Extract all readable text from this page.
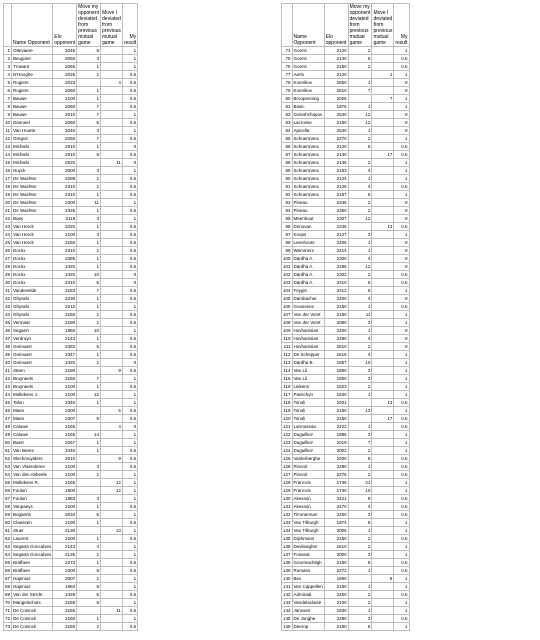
	Name Opponent	Elo opponent	Move my opponent deviated from previous mutual game	Move I deviated from previous mutual game	My result
1	Ottevaere	2045	8		1
2	Beugnier	2050	3		1
3	Trowant	2066	1		1
4	D'Hooghe	2025	2		0,5
5	Rogiers	2023		4	0,5
6	Rogiers	2060	1		0,5
7	Bauwe	2100	1		0,5
8	Bauwe	2060	7		0,5
9	Bauwe	2010	7		1
10	Danneel	2060	6		0,5
11	Van Houtte	2040	3		1
12	Gregoir	2250	7		0,5
13	Michiels	2510	1		0
14	Michiels	2510	8		0,5
15	Michiels	2520		11	0
16	Huyck	2000	3		1
17	De Wachter	2288	2		0,5
18	De Wachter	2310	2		0,5
19	De Wachter	2310	1		0,5
20	De Wachter	2300	11		1
21	De Wachter	2325	1		0,5
22	Boey	2118	3		1
23	Van Herck	2220	1		0,5
24	Van Herck	2100	3		0,5
25	Van Herck	2150	1		0,5
26	Dockx	2310	2		0,5
27	Dockx	2385	1		0,5
28	Dockx	2420	1		0,5
29	Dockx	2420	10		0
30	Dockx	2410	6		0
31	Vandevelde	2153	7		0,5
32	Ghysels	2230	1		0,5
33	Ghysels	2212	1		1
34	Ghysels	2150	2		0,5
35	Vermaat	2180	2		0,5
36	Segaert	1850	10		1
37	Verdruyn	2143	1		0,5
38	Geirnaert	2352	5		0,5
39	Geirnaert	2347	1		0,5
40	Geirnaert	2420	2		0
41	Steen	2180		9	0,5
42	Bruyneels	2150	7		1
43	Bruyneels	2100	1		0,5
44	Mollekens J.	2100	12		1
45	Talon	2340	1		1
46	Maes	2300		5	0,5
47	Maes	2307	9		0,5
48	Caluwe	2166		4	0
49	Caluwe	2165	14		1
50	Baert	2267	1		1
51	Van Beers	2440	1		0,5
52	Slechmuylders	2010		9	0,5
53	Van Vlaenderen	2100	3		0,5
54	Van den Abbeele	2100	2		1
55	Mollekens R.	2165		12	1
56	Foulon	1900		12	1
57	Foulon	1883	3		1
58	Vanpaeys	2200	1		0,5
59	Bogaerts	2034	6		1
60	Claessen	2190	1		0,5
61	Stuer	2130		13	1
62	Laurent	2200	1		0,5
63	Segatra Goncalves	2143	4		1
64	Segatra Goncalves	2135	2		1
65	Braffaen	2273	1		0,5
66	Braffaen	2300	8		0,5
67	Hajenius	2007	2		1
68	Hajenius	1984	8		1
69	Van der Stricht	2428	6		0,5
70	Mangelschots	2158	8		1
71	De Coninck	2156		11	0,5
72	De Coninck	2160	1		1
73	De Coninck	2150	2		0,5
	Name Opponent	Elo opponent	Move my opponent deviated from previous mutual game	Move I deviated from previous mutual game	My result
74	Goeris	2120	2		1
75	Goeris	2130	5		0,5
76	Goeris	2160	2		0,5
77	Aerts	2120		1	1
78	Konnikov	2550	1		0
79	Konnikov	2510	7		0
80	Broopenning	2025		7	1
81	Basic	1975	1		1
82	Goloshchapov	2540	12		0
83	Lacrosse	2180	12		0
84	Apicella	2540	1		0
85	Schuermans	2270	2		1
86	Schuermans	2120	5		0,5
87	Schuermans	2140		17	0,5
88	Schuermans	2145	2		1
89	Schuermans	2183	4		1
90	Schuermans	2124	1		1
91	Schuermans	2126	4		0,5
92	Schuermans	2187	5		1
93	Pineau	2345	2		0
94	Pineau	2350	2		0
95	Meenhout	2307	12		0
96	Donovan	2245		13	0,5
97	Knops	2127	3		1
98	Leenhouts	2405	1		0
99	Wemmers	2414	1		0
100	Dardha A.	2300	4		0
101	Dardha A.	2295	12		0
102	Dardha A.	2302	2		0,5
103	Dardha A.	2310	5		0,5
104	Feygin	2312	6		1
105	Dambacher	2400	4		0
106	Goossens	2150	1		0,5
107	Van der Vurst	2180	11		1
108	Van der Vurst	2080	3		1
109	Hovhanisian	2400	1		0
110	Hovhanisian	2490	4		0
111	Hovhanisian	2510	2		0
112	De Schepper	1616	4		1
113	Dardha B.	1857	10		1
114	Van Lil	1890	3		1
115	Van Lil	1900	3		1
116	Liekens	1523	2		1
117	Passchyn	1530	1		1
118	Tonoli	2201		13	0,5
119	Tonoli	2180	13		1
120	Tonoli	2150		17	0,5
121	Larmuseau	2222	1		0,5
122	Duguilliez	1985	3		1
123	Duguilliez	2019	7		1
124	Duguilliez	2002	2		1
125	Vanlerberghe	2200	8		0,5
126	Pinnoit	2280	1		0,5
127	Pinnoit	2275	2		0,5
128	Francois	1736	21		1
129	Francois	1730	10		1
130	Akesson	2421	9		0,5
131	Akesson	2470	4		0,5
132	Timmerman	2250	3		0,5
133	Van Tilburgh	1974	8		1
134	Van Tilburgh	2005	1		1
135	Dijckmans	2150	2		0,5
136	Devlieagher	1610	2		1
137	Fonseal	2000	3		1
138	Goormachtigh	2180	8		0,5
139	Romans	2272	1		0,5
140	Bex	1690		8	1
141	Van Cappellen	2180	1		1
142	Admiraal	2450	2		0,5
143	Vandelaclaise	2100	2		1
144	Janssen	1930	1		1
145	De Jonghe	2280	3		0,5
146	Deerop	2190	5		1
